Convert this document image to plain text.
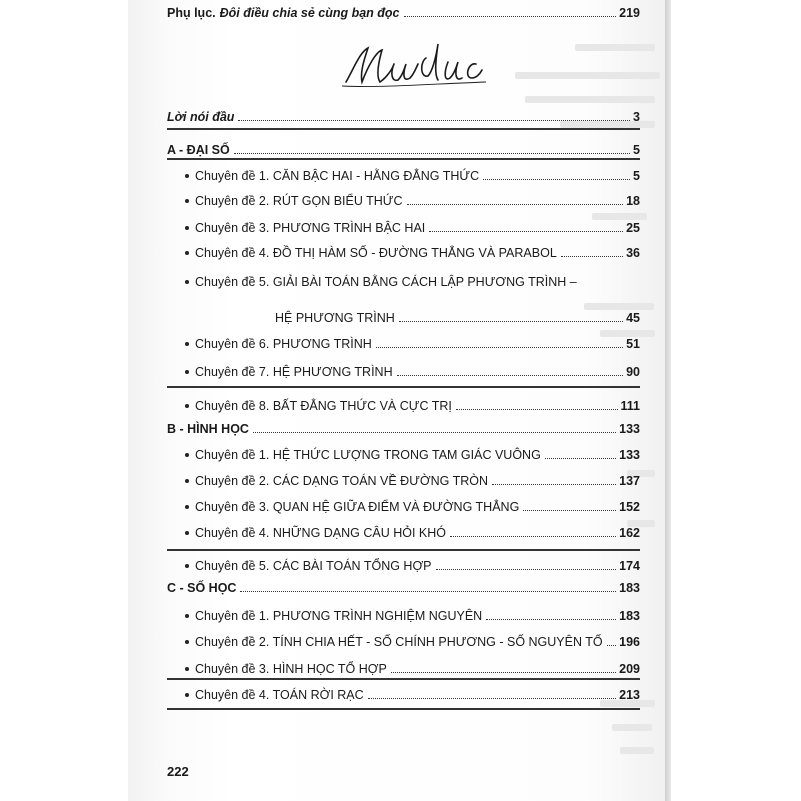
Lời nói đầu	3
A - ĐẠI SỐ	5
Chuyên đề 1. CĂN BẬC HAI - HẰNG ĐẲNG THỨC	5
Chuyên đề 2. RÚT GỌN BIỂU THỨC	18
Chuyên đề 3. PHƯƠNG TRÌNH BẬC HAI	25
Chuyên đề 4. ĐỒ THỊ HÀM SỐ - ĐƯỜNG THẲNG VÀ PARABOL	36
Chuyên đề 5. GIẢI BÀI TOÁN BẰNG CÁCH LẬP PHƯƠNG TRÌNH –
HỆ PHƯƠNG TRÌNH	45
Chuyên đề 6. PHƯƠNG TRÌNH	51
Chuyên đề 7. HỆ PHƯƠNG TRÌNH	90
Chuyên đề 8. BẤT ĐẲNG THỨC VÀ CỰC TRỊ	111
B - HÌNH HỌC	133
Chuyên đề 1. HỆ THỨC LƯỢNG TRONG TAM GIÁC VUÔNG	133
Chuyên đề 2. CÁC DẠNG TOÁN VỀ ĐƯỜNG TRÒN	137
Chuyên đề 3. QUAN HỆ GIỮA ĐIỂM VÀ ĐƯỜNG THẲNG	152
Chuyên đề 4. NHỮNG DẠNG CÂU HỎI KHÓ	162
Chuyên đề 5. CÁC BÀI TOÁN TỔNG HỢP	174
C - SỐ HỌC	183
Chuyên đề 1. PHƯƠNG TRÌNH NGHIỆM NGUYÊN	183
Chuyên đề 2. TÍNH CHIA HẾT - SỐ CHÍNH PHƯƠNG - SỐ NGUYÊN TỐ 196
Chuyên đề 3. HÌNH HỌC TỔ HỢP	209
Chuyên đề 4. TOÁN RỜI RẠC	213
Phụ lục. Đôi điều chia sẻ cùng bạn đọc	219
222
